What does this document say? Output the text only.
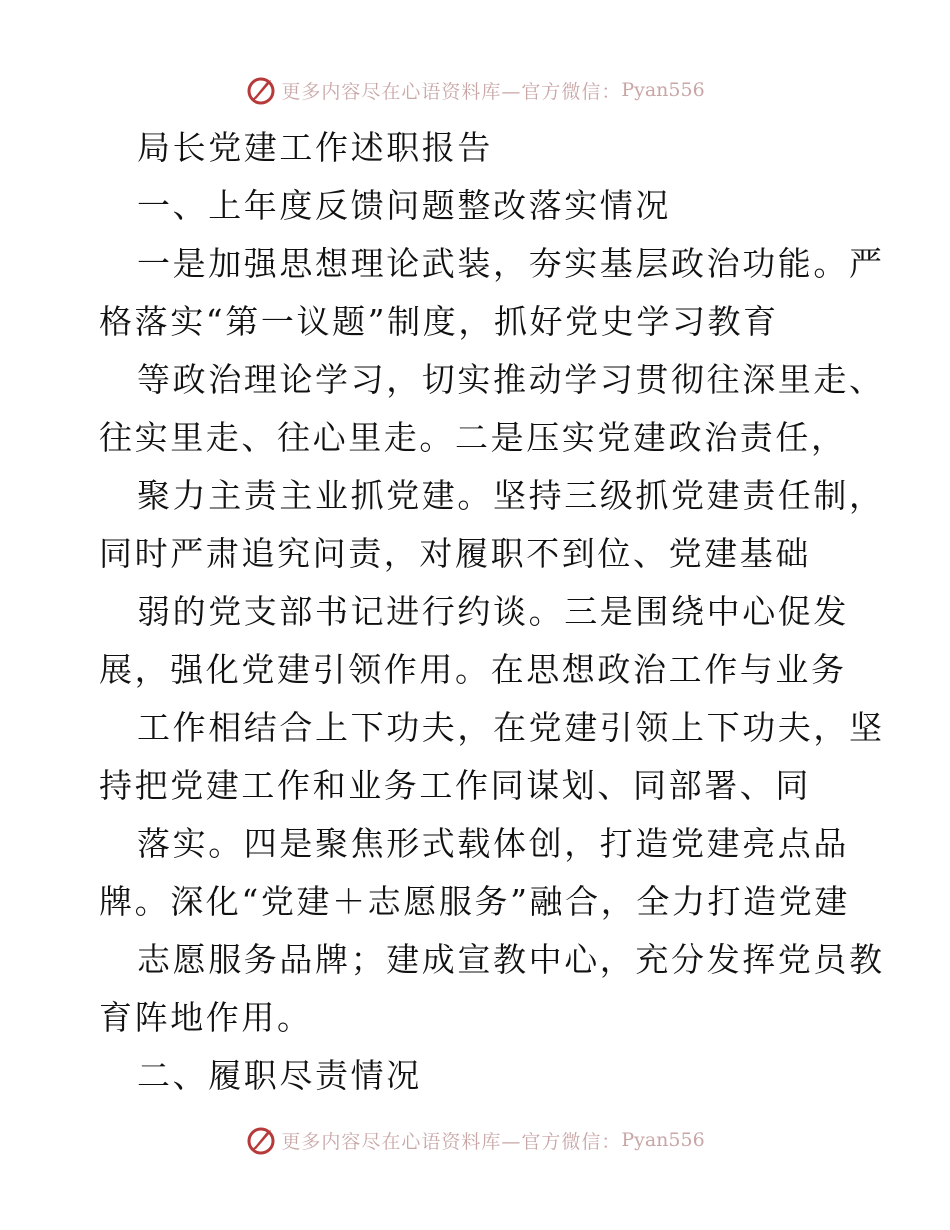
更多内容尽在心语资料库—官方微信： Pyan556
局长党建工作述职报告
一、上年度反馈问题整改落实情况
一是加强思想理论武装，夯实基层政治功能。严
格落实“第一议题”制度，抓好党史学习教育
等政治理论学习，切实推动学习贯彻往深里走、
往实里走、往心里走。二是压实党建政治责任，
聚力主责主业抓党建。坚持三级抓党建责任制，
同时严肃追究问责，对履职不到位、党建基础
弱的党支部书记进行约谈。三是围绕中心促发
展，强化党建引领作用。在思想政治工作与业务
工作相结合上下功夫，在党建引领上下功夫，坚
持把党建工作和业务工作同谋划、同部署、同
落实。四是聚焦形式载体创，打造党建亮点品
牌。深化“党建＋志愿服务”融合，全力打造党建
志愿服务品牌；建成宣教中心，充分发挥党员教
育阵地作用。
二、履职尽责情况
更多内容尽在心语资料库—官方微信： Pyan556
